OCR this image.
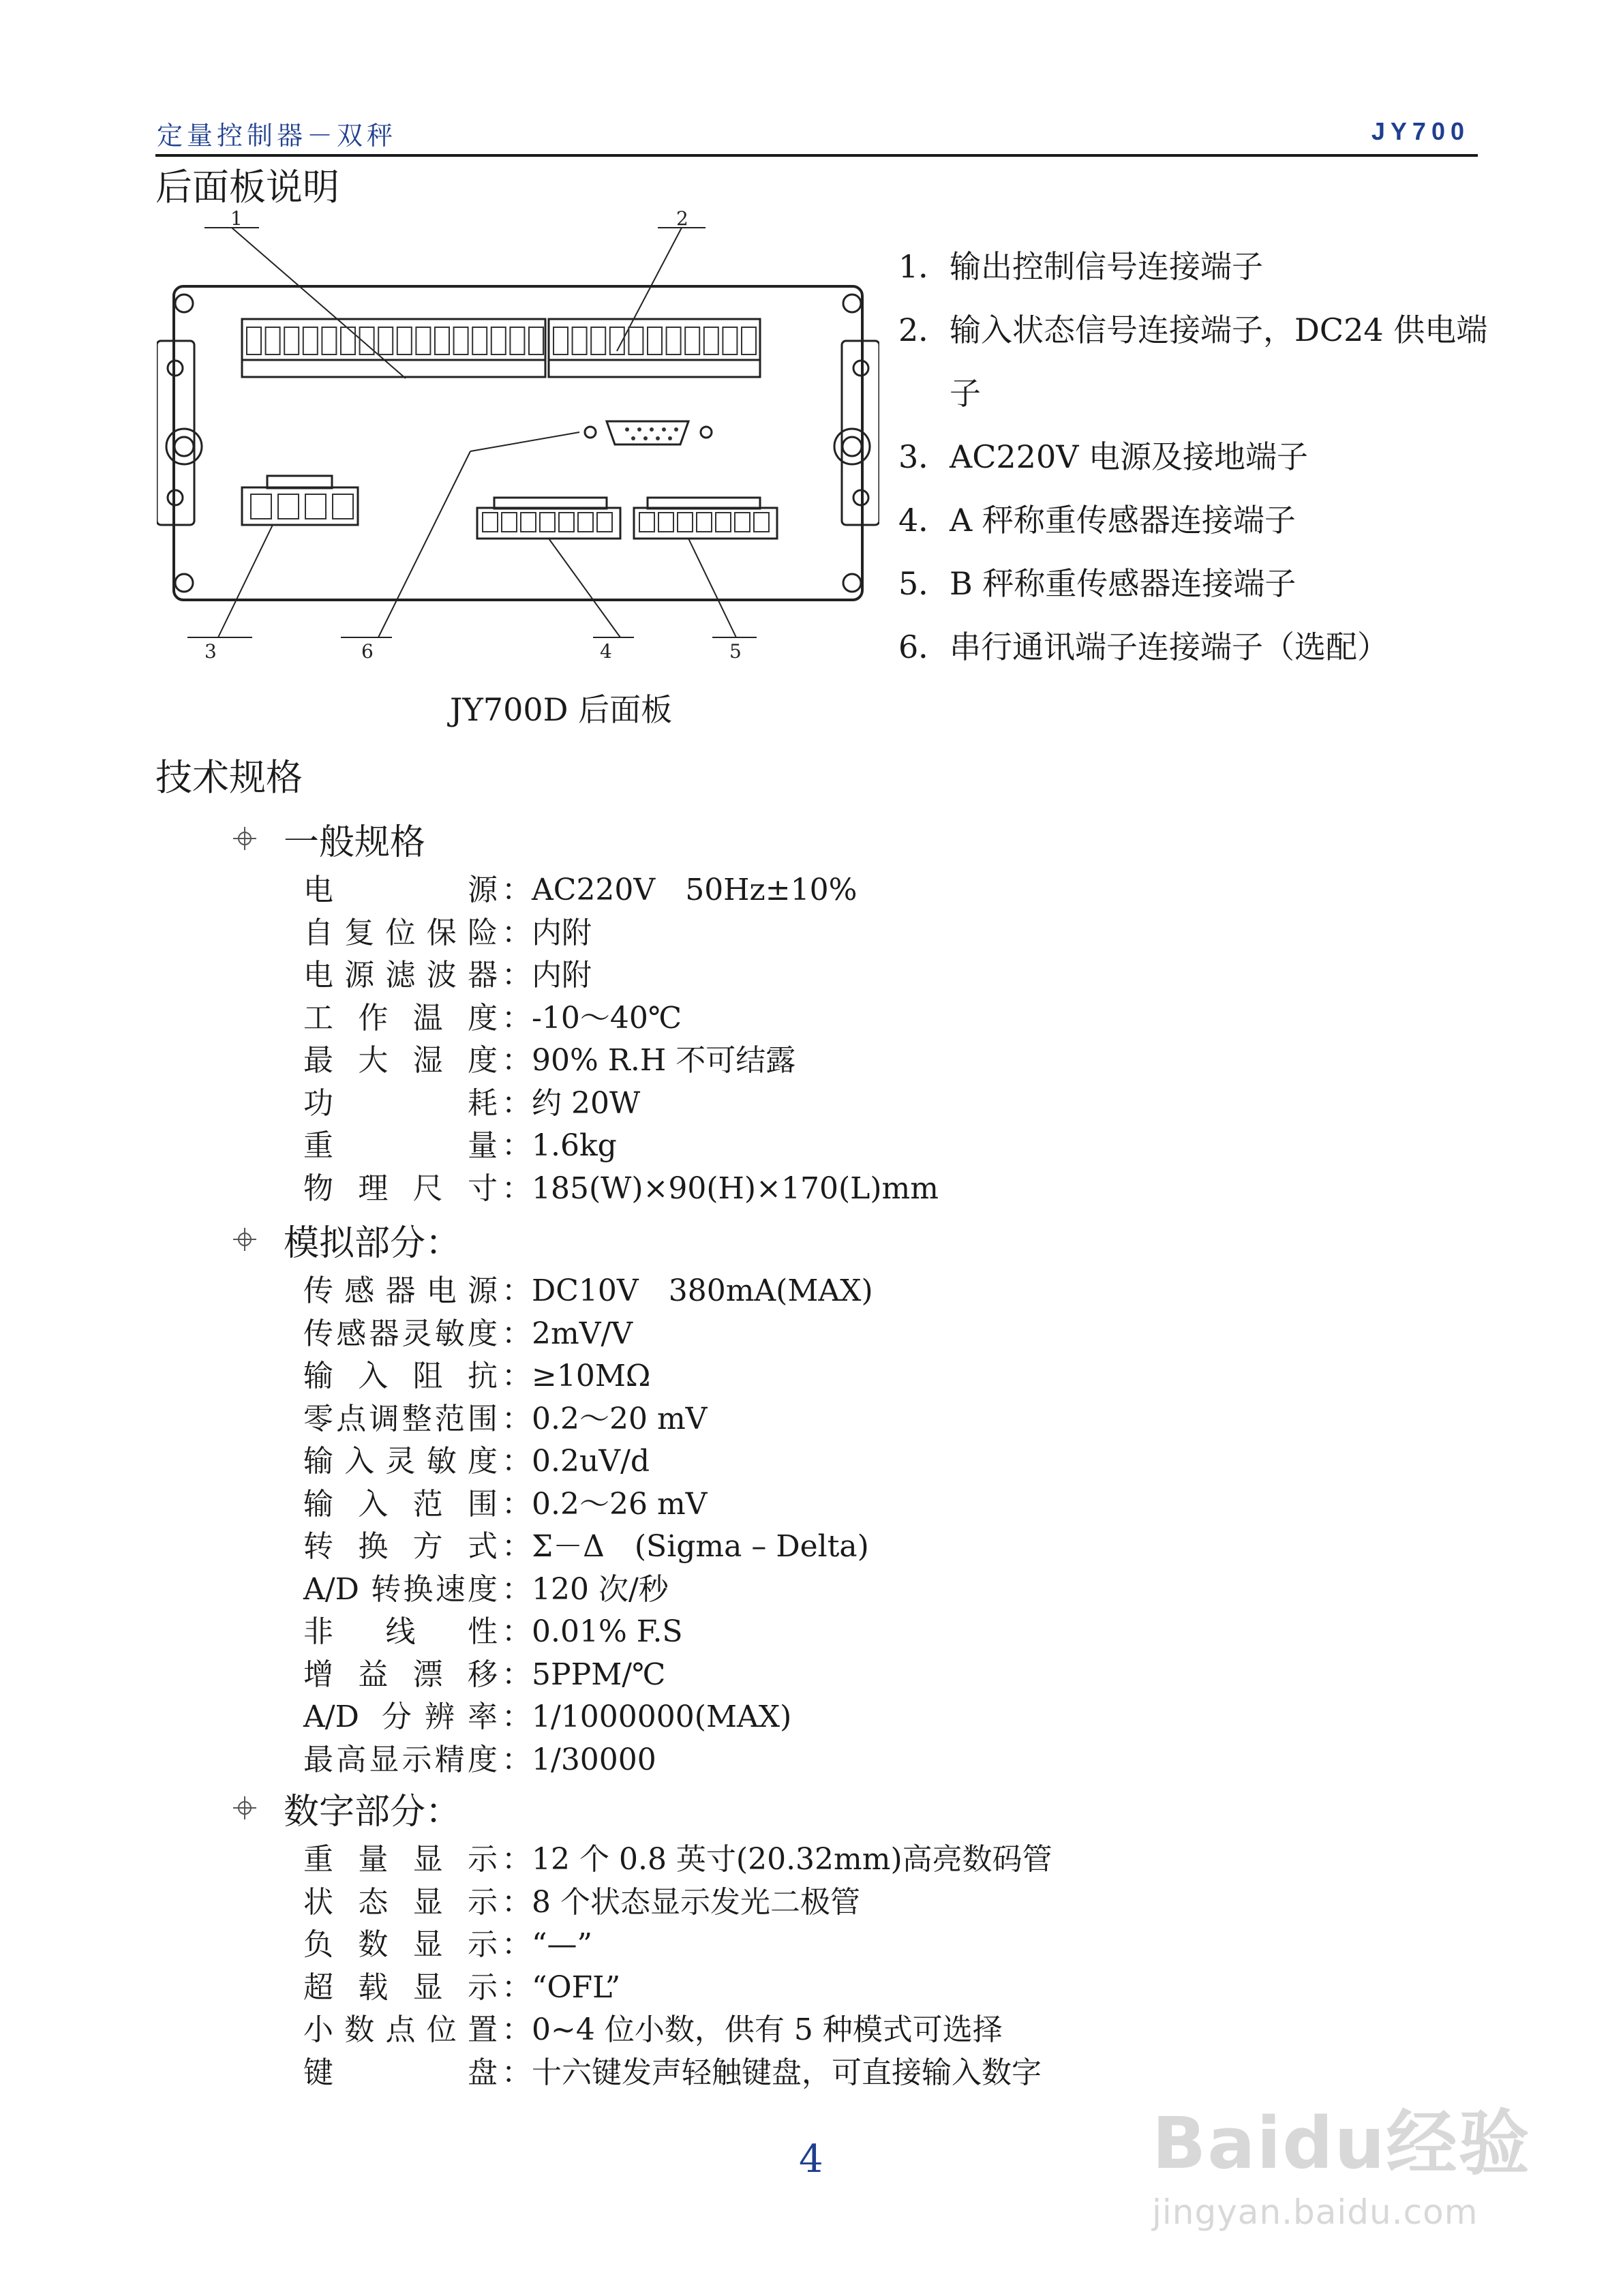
定量控制器－双秤	JY700
后面板说明
1	2
3	4	5
6
JY700D 后面板
1． 输出控制信号连接端子
2． 输入状态信号连接端子，DC24 供电端子
3． AC220V 电源及接地端子
4． A 秤称重传感器连接端子
5． B 秤称重传感器连接端子
6． 串行通讯端子连接端子（选配）
技术规格
一般规格
电源 ：AC220V　50Hz±10%
自复位保险 ：内附
电源滤波器 ：内附
工作温度 ：-10～40℃
最大湿度 ：90% R.H 不可结露
功耗 ：约 20W
重量 ：1.6kg
物理尺寸 ：185(W)×90(H)×170(L)mm
模拟部分：
传感器电源 ：DC10V　380mA(MAX)
传感器灵敏度 ：2mV/V
输入阻抗 ：≥10MΩ
零点调整范围 ：0.2～20 mV
输入灵敏度 ：0.2uV/d
输入范围 ：0.2～26 mV
转换方式 ：Σ－Δ　(Sigma – Delta)
A/D 转换速度 ：120 次/秒
非线性 ：0.01% F.S
增益漂移 ：5PPM/℃
A/D 分辨率 ：1/1000000(MAX)
最高显示精度 ：1/30000
数字部分：
重量显示 ：12 个 0.8 英寸(20.32mm)高亮数码管
状态显示 ：8 个状态显示发光二极管
负数显示 ：“—”
超载显示 ：“OFL”
小数点位置 ：0~4 位小数，供有 5 种模式可选择
键盘 ：十六键发声轻触键盘，可直接输入数字
4	Baidu经验
jingyan.baidu.com
